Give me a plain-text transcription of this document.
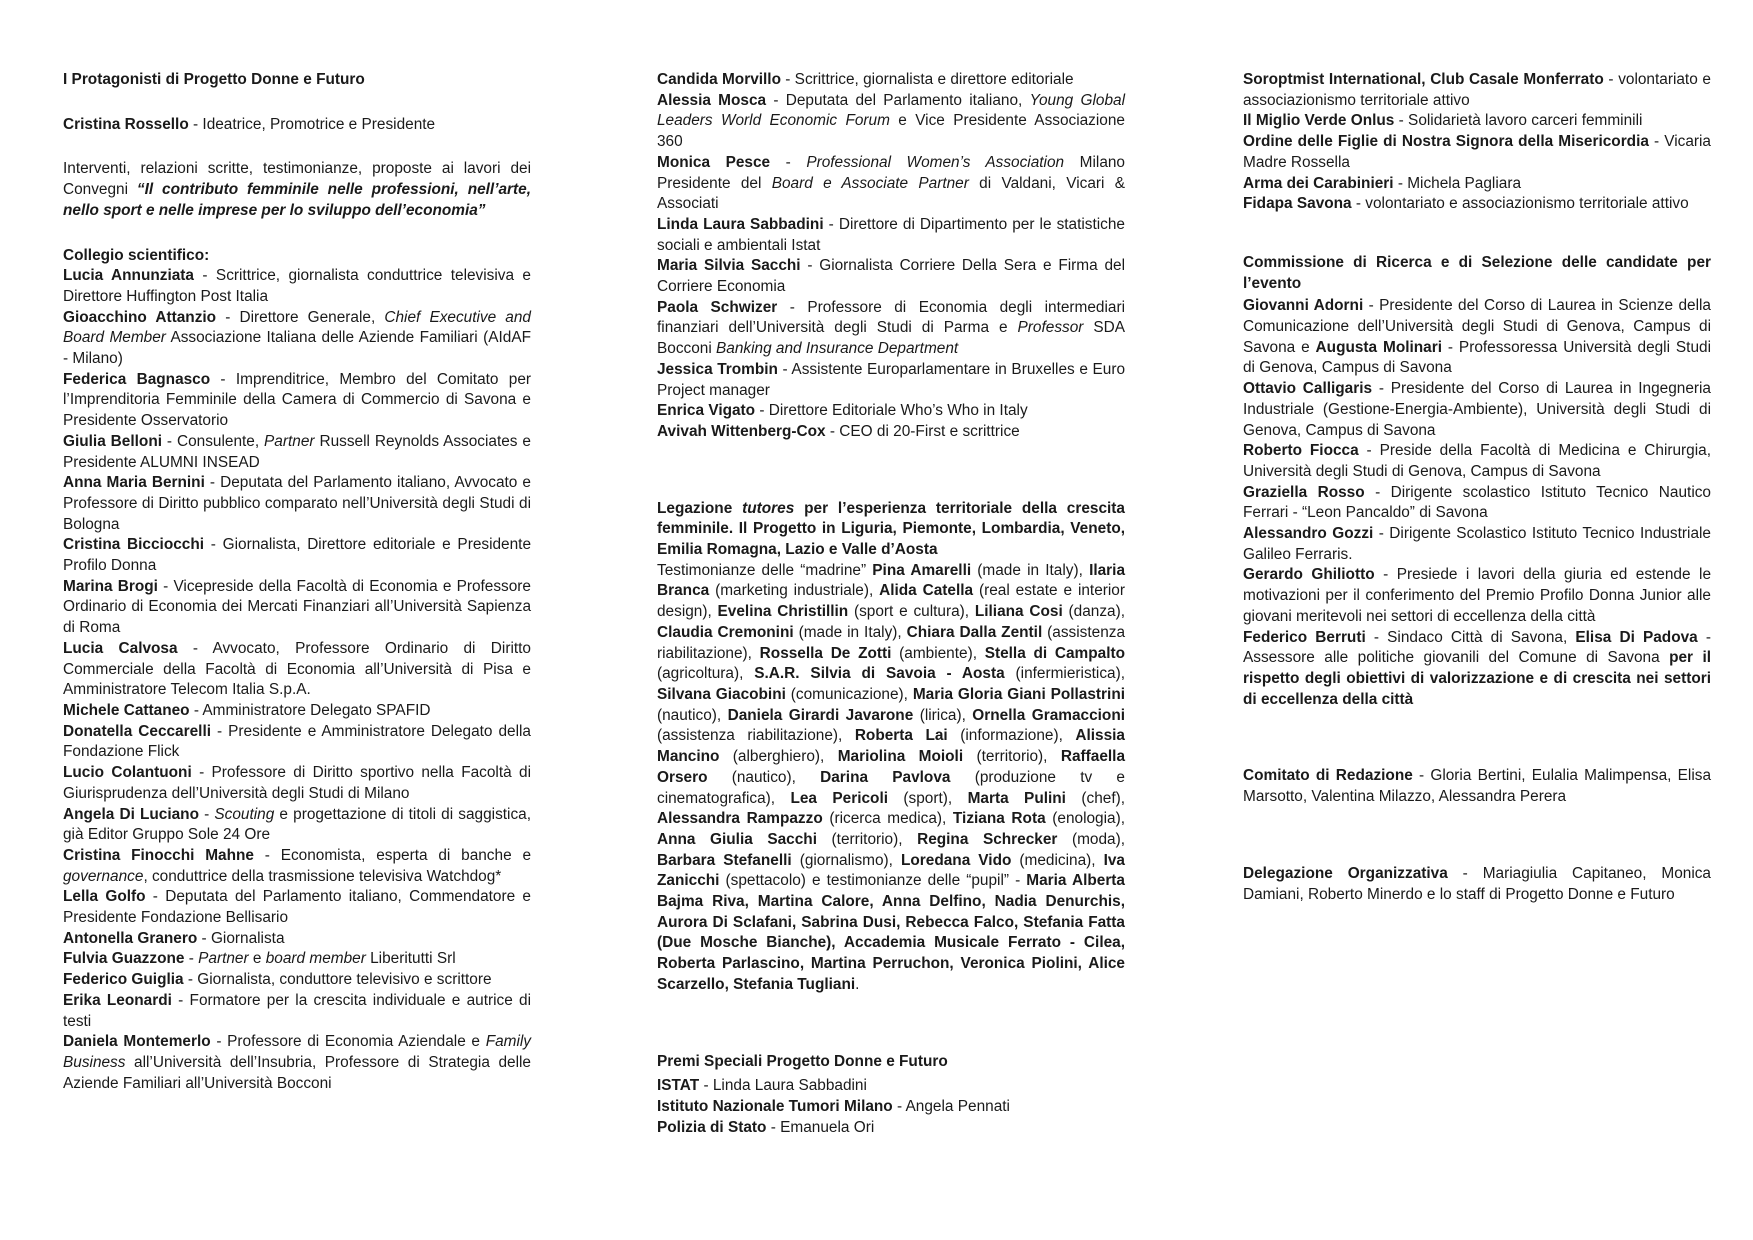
I Protagonisti di Progetto Donne e Futuro

Cristina Rossello - Ideatrice, Promotrice e Presidente

Interventi, relazioni scritte, testimonianze, proposte ai lavori dei Convegni “Il contributo femminile nelle professioni, nell’arte, nello sport e nelle imprese per lo sviluppo dell’economia”

Collegio scientifico:

Lucia Annunziata - Scrittrice, giornalista conduttrice televisiva e Direttore Huffington Post Italia

Gioacchino Attanzio - Direttore Generale, Chief Executive and Board Member Associazione Italiana delle Aziende Familiari (AIdAF - Milano)

Federica Bagnasco - Imprenditrice, Membro del Comitato per l’Imprenditoria Femminile della Camera di Commercio di Savona e Presidente Osservatorio

Giulia Belloni - Consulente, Partner Russell Reynolds Associates e Presidente ALUMNI INSEAD

Anna Maria Bernini - Deputata del Parlamento italiano, Avvocato e Professore di Diritto pubblico comparato nell’Università degli Studi di Bologna

Cristina Bicciocchi - Giornalista, Direttore editoriale e Presidente Profilo Donna

Marina Brogi - Vicepreside della Facoltà di Economia e Professore Ordinario di Economia dei Mercati Finanziari all’Università Sapienza di Roma

Lucia Calvosa - Avvocato, Professore Ordinario di Diritto Commerciale della Facoltà di Economia all’Università di Pisa e Amministratore Telecom Italia S.p.A.

Michele Cattaneo - Amministratore Delegato SPAFID

Donatella Ceccarelli - Presidente e Amministratore Delegato della Fondazione Flick

Lucio Colantuoni - Professore di Diritto sportivo nella Facoltà di Giurisprudenza dell’Università degli Studi di Milano

Angela Di Luciano - Scouting e progettazione di titoli di saggistica, già Editor Gruppo Sole 24 Ore

Cristina Finocchi Mahne - Economista, esperta di banche e governance, conduttrice della trasmissione televisiva Watchdog*

Lella Golfo - Deputata del Parlamento italiano, Commendatore e Presidente Fondazione Bellisario

Antonella Granero - Giornalista

Fulvia Guazzone - Partner e board member Liberitutti Srl

Federico Guiglia - Giornalista, conduttore televisivo e scrittore

Erika Leonardi - Formatore per la crescita individuale e autrice di testi

Daniela Montemerlo - Professore di Economia Aziendale e Family Business all’Università dell’Insubria, Professore di Strategia delle Aziende Familiari all’Università Bocconi

Candida Morvillo - Scrittrice, giornalista e direttore editoriale

Alessia Mosca - Deputata del Parlamento italiano, Young Global Leaders World Economic Forum e Vice Presidente Associazione 360

Monica Pesce - Professional Women’s Association Milano Presidente del Board e Associate Partner di Valdani, Vicari & Associati

Linda Laura Sabbadini - Direttore di Dipartimento per le statistiche sociali e ambientali Istat

Maria Silvia Sacchi - Giornalista Corriere Della Sera e Firma del Corriere Economia

Paola Schwizer - Professore di Economia degli intermediari finanziari dell’Università degli Studi di Parma e Professor SDA Bocconi Banking and Insurance Department

Jessica Trombin - Assistente Europarlamentare in Bruxelles e Euro Project manager

Enrica Vigato - Direttore Editoriale Who’s Who in Italy

Avivah Wittenberg-Cox - CEO di 20-First e scrittrice

Legazione tutores per l’esperienza territoriale della crescita femminile. Il Progetto in Liguria, Piemonte, Lombardia, Veneto, Emilia Romagna, Lazio e Valle d’Aosta

Testimonianze delle “madrine” Pina Amarelli (made in Italy), Ilaria Branca (marketing industriale), Alida Catella (real estate e interior design), Evelina Christillin (sport e cultura), Liliana Cosi (danza), Claudia Cremonini (made in Italy), Chiara Dalla Zentil (assistenza riabilitazione), Rossella De Zotti (ambiente), Stella di Campalto (agricoltura), S.A.R. Silvia di Savoia - Aosta (infermieristica), Silvana Giacobini (comunicazione), Maria Gloria Giani Pollastrini (nautico), Daniela Girardi Javarone (lirica), Ornella Gramaccioni (assistenza riabilitazione), Roberta Lai (informazione), Alissia Mancino (alberghiero), Mariolina Moioli (territorio), Raffaella Orsero (nautico), Darina Pavlova (produzione tv e cinematografica), Lea Pericoli (sport), Marta Pulini (chef), Alessandra Rampazzo (ricerca medica), Tiziana Rota (enologia), Anna Giulia Sacchi (territorio), Regina Schrecker (moda), Barbara Stefanelli (giornalismo), Loredana Vido (medicina), Iva Zanicchi (spettacolo) e testimonianze delle “pupil” - Maria Alberta Bajma Riva, Martina Calore, Anna Delfino, Nadia Denurchis, Aurora Di Sclafani, Sabrina Dusi, Rebecca Falco, Stefania Fatta (Due Mosche Bianche), Accademia Musicale Ferrato - Cilea, Roberta Parlascino, Martina Perruchon, Veronica Piolini, Alice Scarzello, Stefania Tugliani.

Premi Speciali Progetto Donne e Futuro

ISTAT - Linda Laura Sabbadini

Istituto Nazionale Tumori Milano - Angela Pennati

Polizia di Stato - Emanuela Ori

Soroptmist International, Club Casale Monferrato - volontariato e associazionismo territoriale attivo

Il Miglio Verde Onlus - Solidarietà lavoro carceri femminili

Ordine delle Figlie di Nostra Signora della Misericordia - Vicaria Madre Rossella

Arma dei Carabinieri - Michela Pagliara

Fidapa Savona - volontariato e associazionismo territoriale attivo

Commissione di Ricerca e di Selezione delle candidate per l’evento

Giovanni Adorni - Presidente del Corso di Laurea in Scienze della Comunicazione dell’Università degli Studi di Genova, Campus di Savona e Augusta Molinari - Professoressa Università degli Studi di Genova, Campus di Savona

Ottavio Calligaris - Presidente del Corso di Laurea in Ingegneria Industriale (Gestione-Energia-Ambiente), Università degli Studi di Genova, Campus di Savona

Roberto Fiocca - Preside della Facoltà di Medicina e Chirurgia, Università degli Studi di Genova, Campus di Savona

Graziella Rosso - Dirigente scolastico Istituto Tecnico Nautico Ferrari - “Leon Pancaldo” di Savona

Alessandro Gozzi - Dirigente Scolastico Istituto Tecnico Industriale Galileo Ferraris.

Gerardo Ghiliotto - Presiede i lavori della giuria ed estende le motivazioni per il conferimento del Premio Profilo Donna Junior alle giovani meritevoli nei settori di eccellenza della città

Federico Berruti - Sindaco Città di Savona, Elisa Di Padova - Assessore alle politiche giovanili del Comune di Savona per il rispetto degli obiettivi di valorizzazione e di crescita nei settori di eccellenza della città

Comitato di Redazione - Gloria Bertini, Eulalia Malimpensa, Elisa Marsotto, Valentina Milazzo, Alessandra Perera

Delegazione Organizzativa - Mariagiulia Capitaneo, Monica Damiani, Roberto Minerdo e lo staff di Progetto Donne e Futuro
